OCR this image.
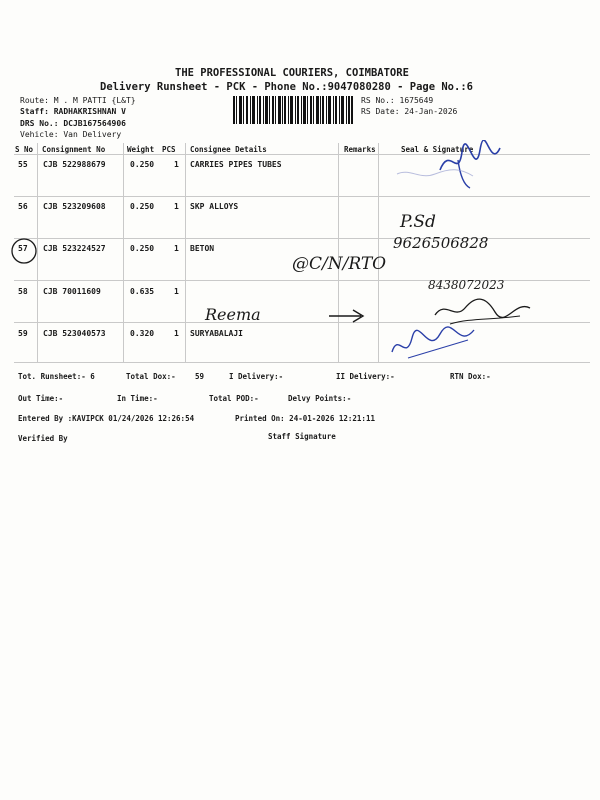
THE PROFESSIONAL COURIERS, COIMBATORE
Delivery Runsheet - PCK - Phone No.:9047080280 - Page No.:6
Route: M . M PATTI {L&T}
Staff: RADHAKRISHNAN V
DRS No.: DCJB167564906
Vehicle: Van Delivery
RS No.: 1675649
RS Date: 24-Jan-2026
S No Consignment No	Weight PCS Consignee Details	Remarks	Seal & Signature
55 CJB 522988679	0.250 1 CARRIES PIPES TUBES
56 CJB 523209608	0.250 1 SKP ALLOYS
57 CJB 523224527	0.250 1 BETON
58 CJB 70011609	0.635 1
59 CJB 523040573	0.320 1 SURYABALAJI
P.Sd
9626506828
@C/N/RTO
8438072023
Reema
Tot. Runsheet:- 6	Total Dox:-	59	I Delivery:-	II Delivery:-	RTN Dox:-
Out Time:-	In Time:-	Total POD:-	Delvy Points:-
Entered By :KAVIPCK 01/24/2026 12:26:54	Printed On: 24-01-2026 12:21:11
Verified By	Staff Signature
